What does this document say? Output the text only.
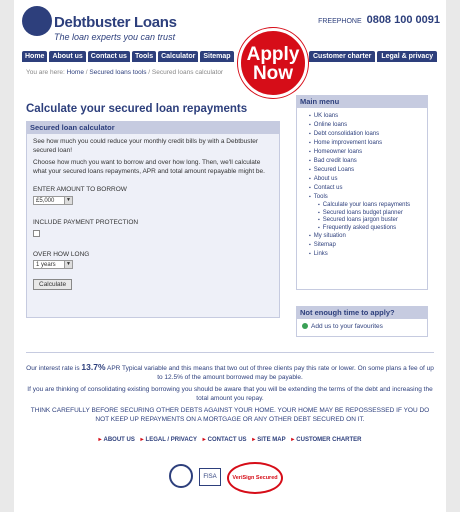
Debtbuster Loans
The loan experts you can trust
FREEPHONE 0808 100 0091
Home	About us	Contact us	Tools	Calculator	Sitemap	Customer charter	Legal & privacy
Apply
Now
You are here: Home / Secured loans tools / Secured loans calculator
Calculate your secured loan repayments
Secured loan calculator

See how much you could reduce your monthly credit bills by with a Debtbuster secured loan!

Choose how much you want to borrow and over how long. Then, we'll calculate what your secured loans repayments, APR and total amount repayable might be.

ENTER AMOUNT TO BORROW
£5,000	▼
INCLUDE PAYMENT PROTECTION
OVER HOW LONG
1 years	▼
Calculate
Main menu
▪ UK loans
▪ Online loans
▪ Debt consolidation loans
▪ Home improvement loans
▪ Homeowner loans
▪ Bad credit loans
▪ Secured Loans
▪ About us
▪ Contact us
▪ Tools
▪ Calculate your loans repayments
▪ Secured loans budget planner
▪ Secured loans jargon buster
▪ Frequently asked questions
▪ My situation
▪ Sitemap
▪ Links
Not enough time to apply?
Add us to your favourites

Our interest rate is 13.7% APR Typical variable and this means that two out of three clients pay this rate or lower. On some plans a fee of up to 12.5% of the amount borrowed may be payable.

If you are thinking of consolidating existing borrowing you should be aware that you will be extending the terms of the debt and increasing the total amount you repay.

THINK CAREFULLY BEFORE SECURING OTHER DEBTS AGAINST YOUR HOME. YOUR HOME MAY BE REPOSSESSED IF YOU DO NOT KEEP UP REPAYMENTS ON A MORTGAGE OR ANY OTHER DEBT SECURED ON IT.

▸ ABOUT US ▸ LEGAL / PRIVACY ▸ CONTACT US ▸ SITE MAP ▸ CUSTOMER CHARTER
FISA	VeriSign Secured
